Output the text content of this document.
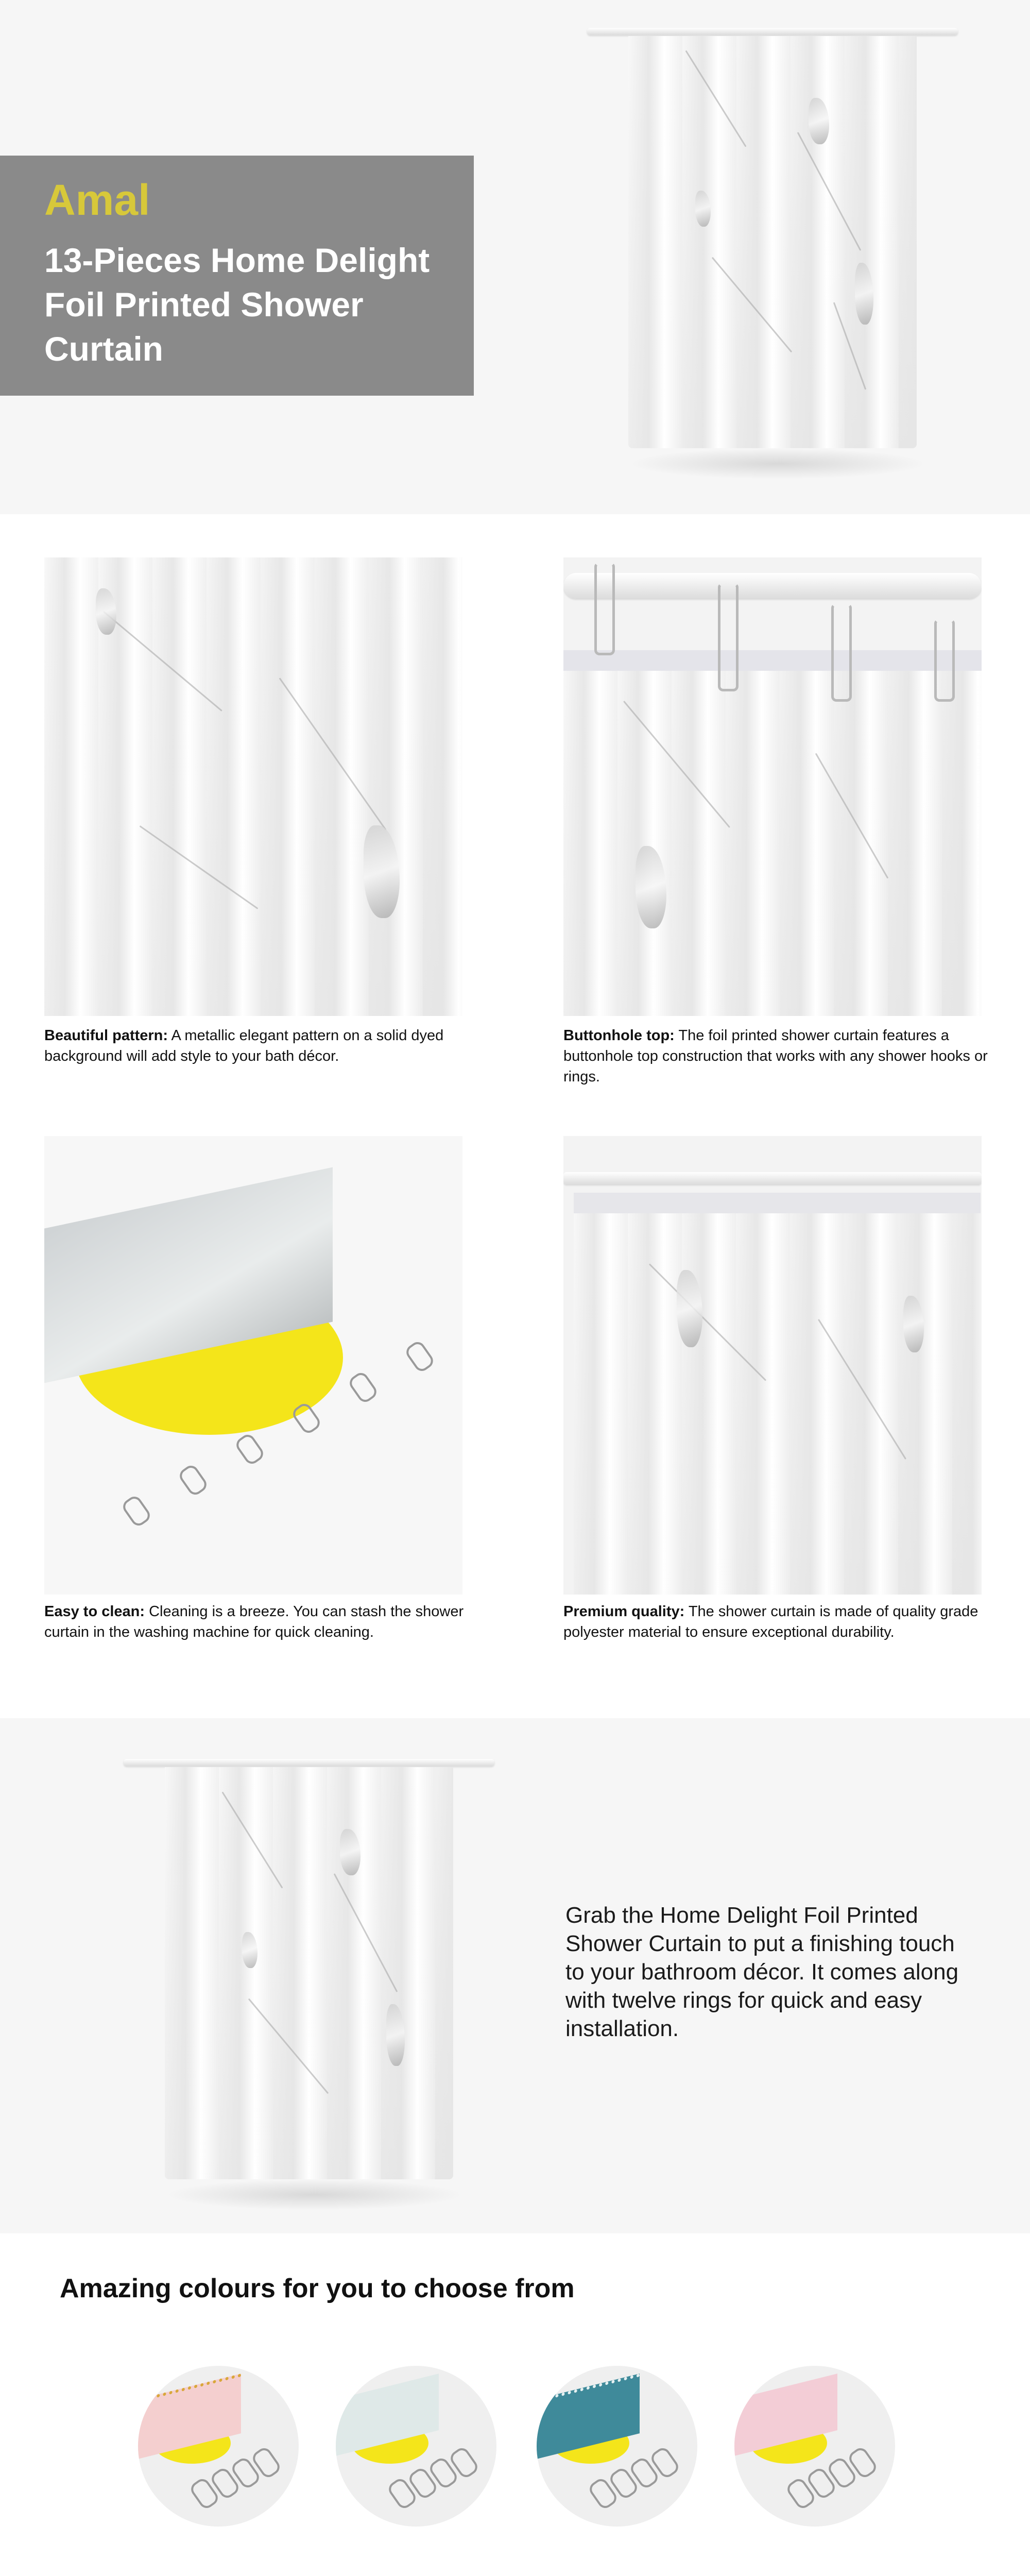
Amal
13-Pieces Home Delight Foil Printed Shower Curtain
Beautiful pattern: A metallic elegant pattern on a solid dyed background will add style to your bath décor.
Buttonhole top: The foil printed shower curtain features a buttonhole top construction that works with any shower hooks or rings.
Easy to clean: Cleaning is a breeze. You can stash the shower curtain in the washing machine for quick cleaning.
Premium quality: The shower curtain is made of quality grade polyester material to ensure exceptional durability.
Grab the Home Delight Foil Printed Shower Curtain to put a finishing touch to your bathroom décor. It comes along with twelve rings for quick and easy installation.
Amazing colours for you to choose from
